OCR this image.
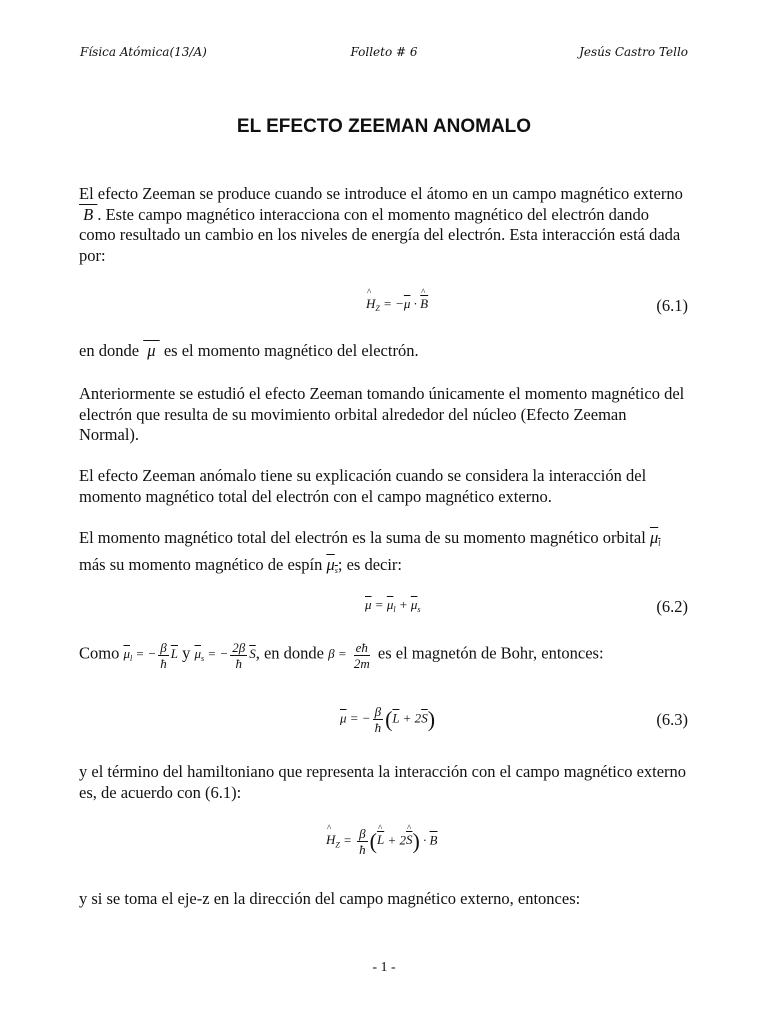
Física Atómica(13/A)	Folleto # 6	Jesús Castro Tello
EL EFECTO ZEEMAN ANOMALO
El efecto Zeeman se produce cuando se introduce el átomo en un campo magnético externo  B . Este campo magnético interacciona con el momento magnético del electrón dando como resultado un cambio en los niveles de energía del electrón. Esta interacción está dada por:
^ $H_Z = -\overline{\mu}$ · ^ $\overline{B}$	(6.1)
en donde  μ  es el momento magnético del electrón.
Anteriormente se estudió el efecto Zeeman tomando únicamente el momento magnético del electrón que resulta de su movimiento orbital alrededor del núcleo (Efecto Zeeman Normal).
El efecto Zeeman anómalo tiene su explicación cuando se considera la interacción del momento magnético total del electrón con el campo magnético externo.
El momento magnético total del electrón es la suma de su momento magnético orbital $\mu_l$ más su momento magnético de espín $\mu_s$; es decir:
$\overline{\mu} = \overline{\mu}_l + \overline{\mu}_s$	(6.2)
Como $\overline{\mu}_l$ = − $\frac{\beta}{ħ} \overline{L}$ y $\overline{\mu}_s$ = − $\frac{2\beta}{ħ} \overline{S}$, en donde $\beta = \frac{eħ}{2m}$ es el magnetón de Bohr, entonces:
$\overline{\mu}$ = − $\frac{\beta}{ħ} (\overline{L} + 2\overline{S})$	(6.3)
y el término del hamiltoniano que representa la interacción con el campo magnético externo es, de acuerdo con (6.1):
^ $H_Z = \frac{\beta}{ħ}$ (^ $\overline{L}$ + 2^ $\overline{S}) \cdot \overline{B}$
y si se toma el eje-z en la dirección del campo magnético externo, entonces:
- 1 -
